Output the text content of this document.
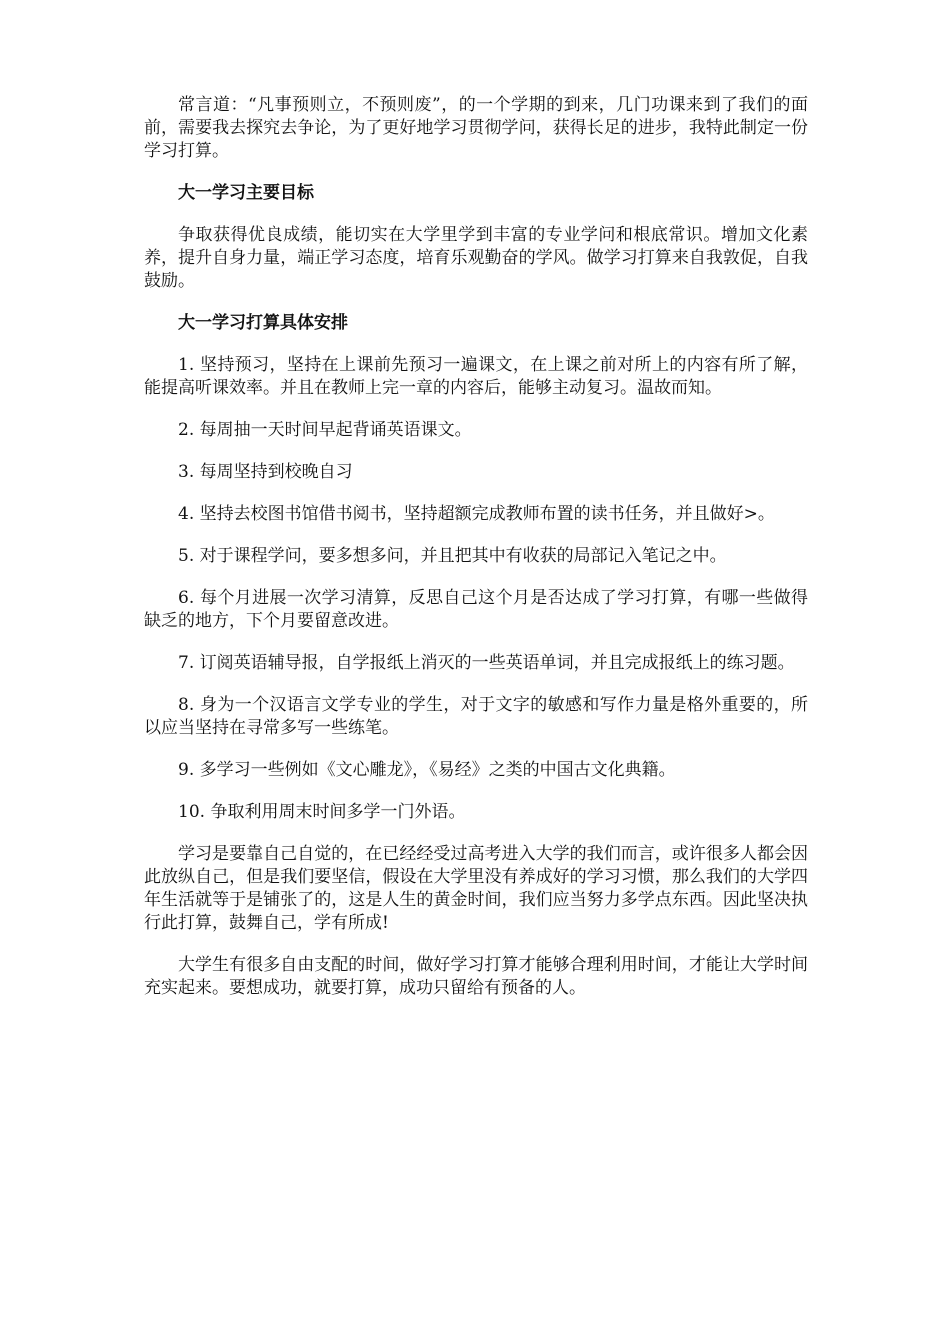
常言道：“凡事预则立，不预则废”，的一个学期的到来，几门功课来到了我们的面前，需要我去探究去争论，为了更好地学习贯彻学问，获得长足的进步，我特此制定一份学习打算。

大一学习主要目标

争取获得优良成绩，能切实在大学里学到丰富的专业学问和根底常识。增加文化素养，提升自身力量，端正学习态度，培育乐观勤奋的学风。做学习打算来自我敦促，自我鼓励。

大一学习打算具体安排

1. 坚持预习，坚持在上课前先预习一遍课文，在上课之前对所上的内容有所了解，能提高听课效率。并且在教师上完一章的内容后，能够主动复习。温故而知。

2. 每周抽一天时间早起背诵英语课文。

3. 每周坚持到校晚自习

4. 坚持去校图书馆借书阅书，坚持超额完成教师布置的读书任务，并且做好>。

5. 对于课程学问，要多想多问，并且把其中有收获的局部记入笔记之中。

6. 每个月进展一次学习清算，反思自己这个月是否达成了学习打算，有哪一些做得缺乏的地方，下个月要留意改进。

7. 订阅英语辅导报，自学报纸上消灭的一些英语单词，并且完成报纸上的练习题。

8. 身为一个汉语言文学专业的学生，对于文字的敏感和写作力量是格外重要的，所以应当坚持在寻常多写一些练笔。

9. 多学习一些例如《文心雕龙》，《易经》之类的中国古文化典籍。

10. 争取利用周末时间多学一门外语。

学习是要靠自己自觉的，在已经经受过高考进入大学的我们而言，或许很多人都会因此放纵自己，但是我们要坚信，假设在大学里没有养成好的学习习惯，那么我们的大学四年生活就等于是铺张了的，这是人生的黄金时间，我们应当努力多学点东西。因此坚决执行此打算，鼓舞自己，学有所成!

大学生有很多自由支配的时间，做好学习打算才能够合理利用时间，才能让大学时间充实起来。要想成功，就要打算，成功只留给有预备的人。
